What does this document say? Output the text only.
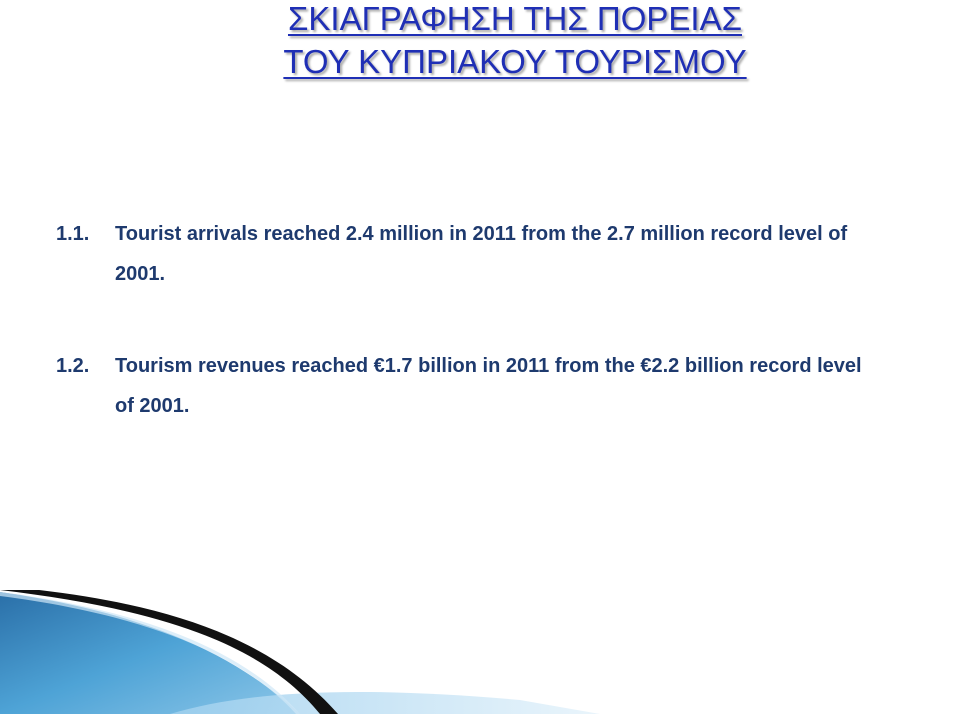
ΣΚΙΑΓΡΑΦΗΣΗ ΤΗΣ ΠΟΡΕΙΑΣ
ΤΟΥ ΚΥΠΡΙΑΚΟΥ ΤΟΥΡΙΣΜΟΥ
1.1. Tourist arrivals reached 2.4 million in 2011 from the 2.7 million record level of
2001.
1.2. Tourism revenues reached €1.7 billion in 2011 from the €2.2 billion record level
of 2001.
